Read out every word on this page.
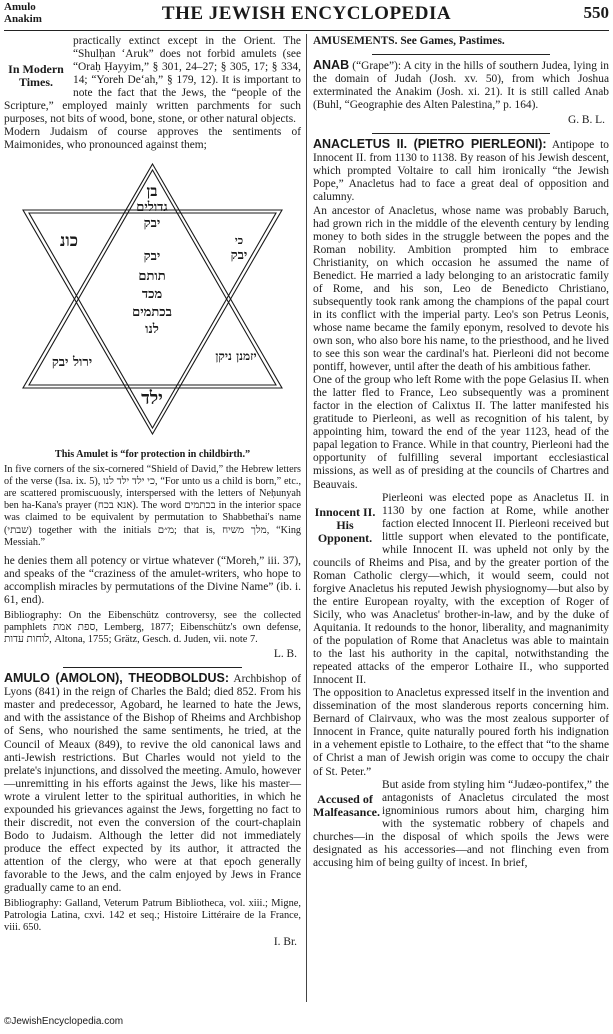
Amulo
Anakim	THE JEWISH ENCYCLOPEDIA	550
In Modern Times.

practically extinct except in the Orient. The “Shulḥan ‘Aruk” does not forbid amulets (see “Oraḥ Ḥayyim,” § 301, 24–27; § 305, 17; § 334, 14; “Yoreh De‘ah,” § 179, 12). It is important to note the fact that the Jews, the “people of the Scripture,” employed mainly written parchments for such purposes, not bits of wood, bone, stone, or other natural objects.

Modern Judaism of course approves the sentiments of Maimonides, who pronounced against them;

בן
גדולים
יבק
כונ	כי
יבק
יבק
תותם
מכד
בכתמים
לנו
ירול יבק	יזמנן ניקן
ילד
This Amulet is “for protection in childbirth.”
In five corners of the six-cornered “Shield of David,” the Hebrew letters of the verse (Isa. ix. 5), כי ילד ילד לנו, “For unto us a child is born,” etc., are scattered promiscuously, interspersed with the letters of Neḥunyah ben ha-Kana's prayer (אנא בכח). The word בכתמים in the interior space was claimed to be equivalent by permutation to Shabbethai's name (שבתי) together with the initials מ״ם; that is, מלך משיח, “King Messiah.”

he denies them all potency or virtue whatever (“Moreh,” iii. 37), and speaks of the “craziness of the amulet-writers, who hope to accomplish miracles by permutations of the Divine Name” (ib. i. 61, end).

Bibliography: On the Eibenschütz controversy, see the collected pamphlets ספת אמת, Lemberg, 1877; Eibenschütz's own defense, לוחות עדות, Altona, 1755; Grätz, Gesch. d. Juden, vii. note 7.
L. B.

AMULO (AMOLON), THEODBOLDUS: Archbishop of Lyons (841) in the reign of Charles the Bald; died 852. From his master and predecessor, Agobard, he learned to hate the Jews, and with the assistance of the Bishop of Rheims and Archbishop of Sens, who nourished the same sentiments, he tried, at the Council of Meaux (849), to revive the old canonical laws and anti-Jewish restrictions. But Charles would not yield to the prelate's injunctions, and dissolved the meeting. Amulo, however—unremitting in his efforts against the Jews, like his master—wrote a virulent letter to the spiritual authorities, in which he expounded his grievances against the Jews, forgetting no fact to their discredit, not even the conversion of the court-chaplain Bodo to Judaism. Although the letter did not immediately produce the effect expected by its author, it attracted the attention of the clergy, who were at that epoch generally favorable to the Jews, and the calm enjoyed by Jews in France gradually came to an end.

Bibliography: Galland, Veterum Patrum Bibliotheca, vol. xiii.; Migne, Patrologia Latina, cxvi. 142 et seq.; Histoire Littéraire de la France, viii. 650.
I. Br.

AMUSEMENTS. See Games, Pastimes.

ANAB (“Grape”): A city in the hills of southern Judea, lying in the domain of Judah (Josh. xv. 50), from which Joshua exterminated the Anakim (Josh. xi. 21). It is still called Anab (Buhl, “Geographie des Alten Palestina,” p. 164).

G. B. L.

ANACLETUS II. (PIETRO PIERLEONI): Antipope to Innocent II. from 1130 to 1138. By reason of his Jewish descent, which prompted Voltaire to call him ironically “the Jewish Pope,” Anacletus had to face a great deal of opposition and calumny.

An ancestor of Anacletus, whose name was probably Baruch, had grown rich in the middle of the eleventh century by lending money to both sides in the struggle between the popes and the Roman nobility. Ambition prompted him to embrace Christianity, on which occasion he assumed the name of Benedict. He married a lady belonging to an aristocratic family of Rome, and his son, Leo de Benedicto Christiano, subsequently took rank among the champions of the papal court in its conflict with the imperial party. Leo's son Petrus Leonis, whose name became the family eponym, resolved to devote his own son, who also bore his name, to the priesthood, and he lived to see this son wear the cardinal's hat. Pierleoni did not become pontiff, however, until after the death of his ambitious father.

One of the group who left Rome with the pope Gelasius II. when the latter fled to France, Leo subsequently was a prominent factor in the election of Calixtus II. The latter manifested his gratitude to Pierleoni, as well as recognition of his talent, by appointing him, toward the end of the year 1123, head of the papal legation to France. While in that country, Pierleoni had the opportunity of fulfilling several important ecclesiastical missions, as well as of presiding at the councils of Chartres and Beauvais.

Innocent II. His Opponent.

Pierleoni was elected pope as Anacletus II. in 1130 by one faction at Rome, while another faction elected Innocent II. Pierleoni received but little support when elevated to the pontificate, while Innocent II. was upheld not only by the councils of Rheims and Pisa, and by the greater portion of the Roman Catholic clergy—which, it would seem, could not forgive Anacletus his reputed Jewish physiognomy—but also by the entire European royalty, with the exception of Roger of Sicily, who was Anacletus' brother-in-law, and by the duke of Aquitania. It redounds to the honor, liberality, and magnanimity of the population of Rome that Anacletus was able to maintain to the last his authority in the capital, notwithstanding the repeated attacks of the emperor Lothaire II., who supported Innocent II.

The opposition to Anacletus expressed itself in the invention and dissemination of the most slanderous reports concerning him. Bernard of Clairvaux, who was the most zealous supporter of Innocent in France, quite naturally poured forth his indignation in a vehement epistle to Lothaire, to the effect that “to the shame of Christ a man of Jewish origin was come to occupy the chair of St. Peter.”

Accused of Malfeasance.

But aside from styling him “Judæo-pontifex,” the antagonists of Anacletus circulated the most ignominious rumors about him, charging him with the systematic robbery of chapels and churches—in the disposal of which spoils the Jews were designated as his accessories—and not flinching even from accusing him of being guilty of incest. In brief,

©JewishEncyclopedia.com
